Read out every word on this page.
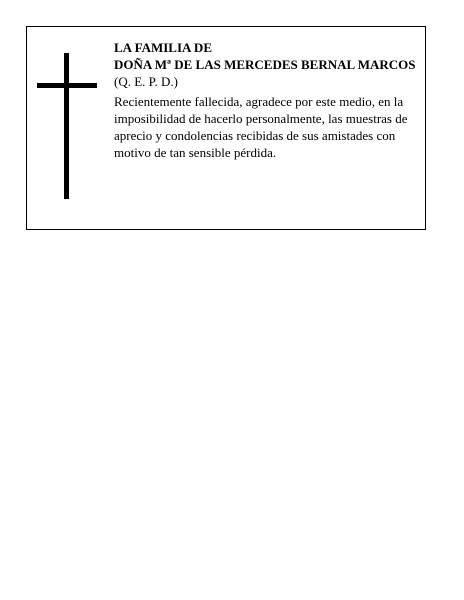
LA FAMILIA DE
DOÑA Mª DE LAS MERCEDES BERNAL MARCOS
(Q. E. P. D.)
Recientemente fallecida, agradece por este medio, en la imposibilidad de hacerlo personalmente, las muestras de aprecio y condolencias recibidas de sus amistades con motivo de tan sensible pérdida.
